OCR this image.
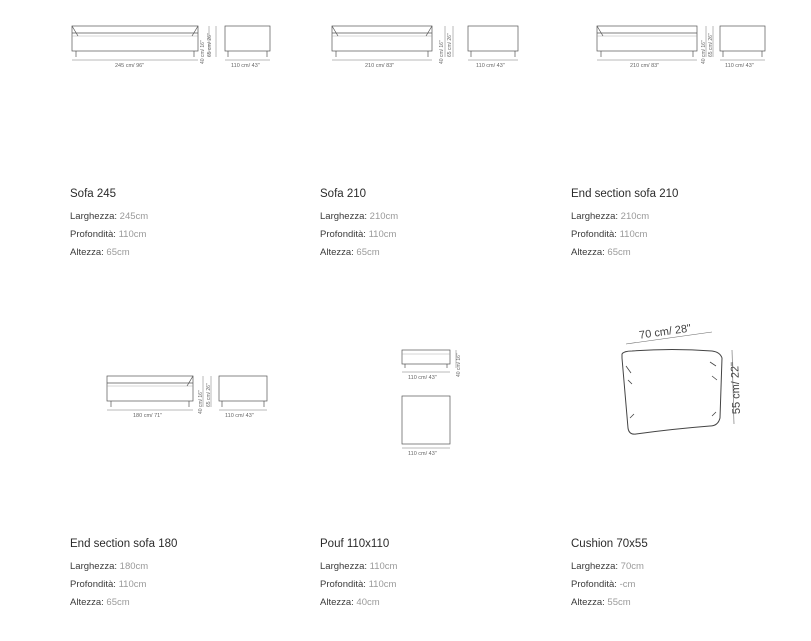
245 cm/ 96"	110 cm/ 43"
40 cm/ 16" 65 cm/ 26"
210 cm/ 83"	110 cm/ 43"
40 cm/ 16" 65 cm/ 26"
210 cm/ 83"	110 cm/ 43"
40 cm/ 16" 65 cm/ 26"
180 cm/ 71"	110 cm/ 43"
40 cm/ 16" 65 cm/ 26"
110 cm/ 43"
40 cm/ 16"
110 cm/ 43"
70 cm/ 28"
55 cm/ 22"
Sofa 245
Larghezza: 245cm
Profondità: 110cm
Altezza: 65cm
Sofa 210
Larghezza: 210cm
Profondità: 110cm
Altezza: 65cm
End section sofa 210
Larghezza: 210cm
Profondità: 110cm
Altezza: 65cm
End section sofa 180
Larghezza: 180cm
Profondità: 110cm
Altezza: 65cm
Pouf 110x110
Larghezza: 110cm
Profondità: 110cm
Altezza: 40cm
Cushion 70x55
Larghezza: 70cm
Profondità: -cm
Altezza: 55cm
